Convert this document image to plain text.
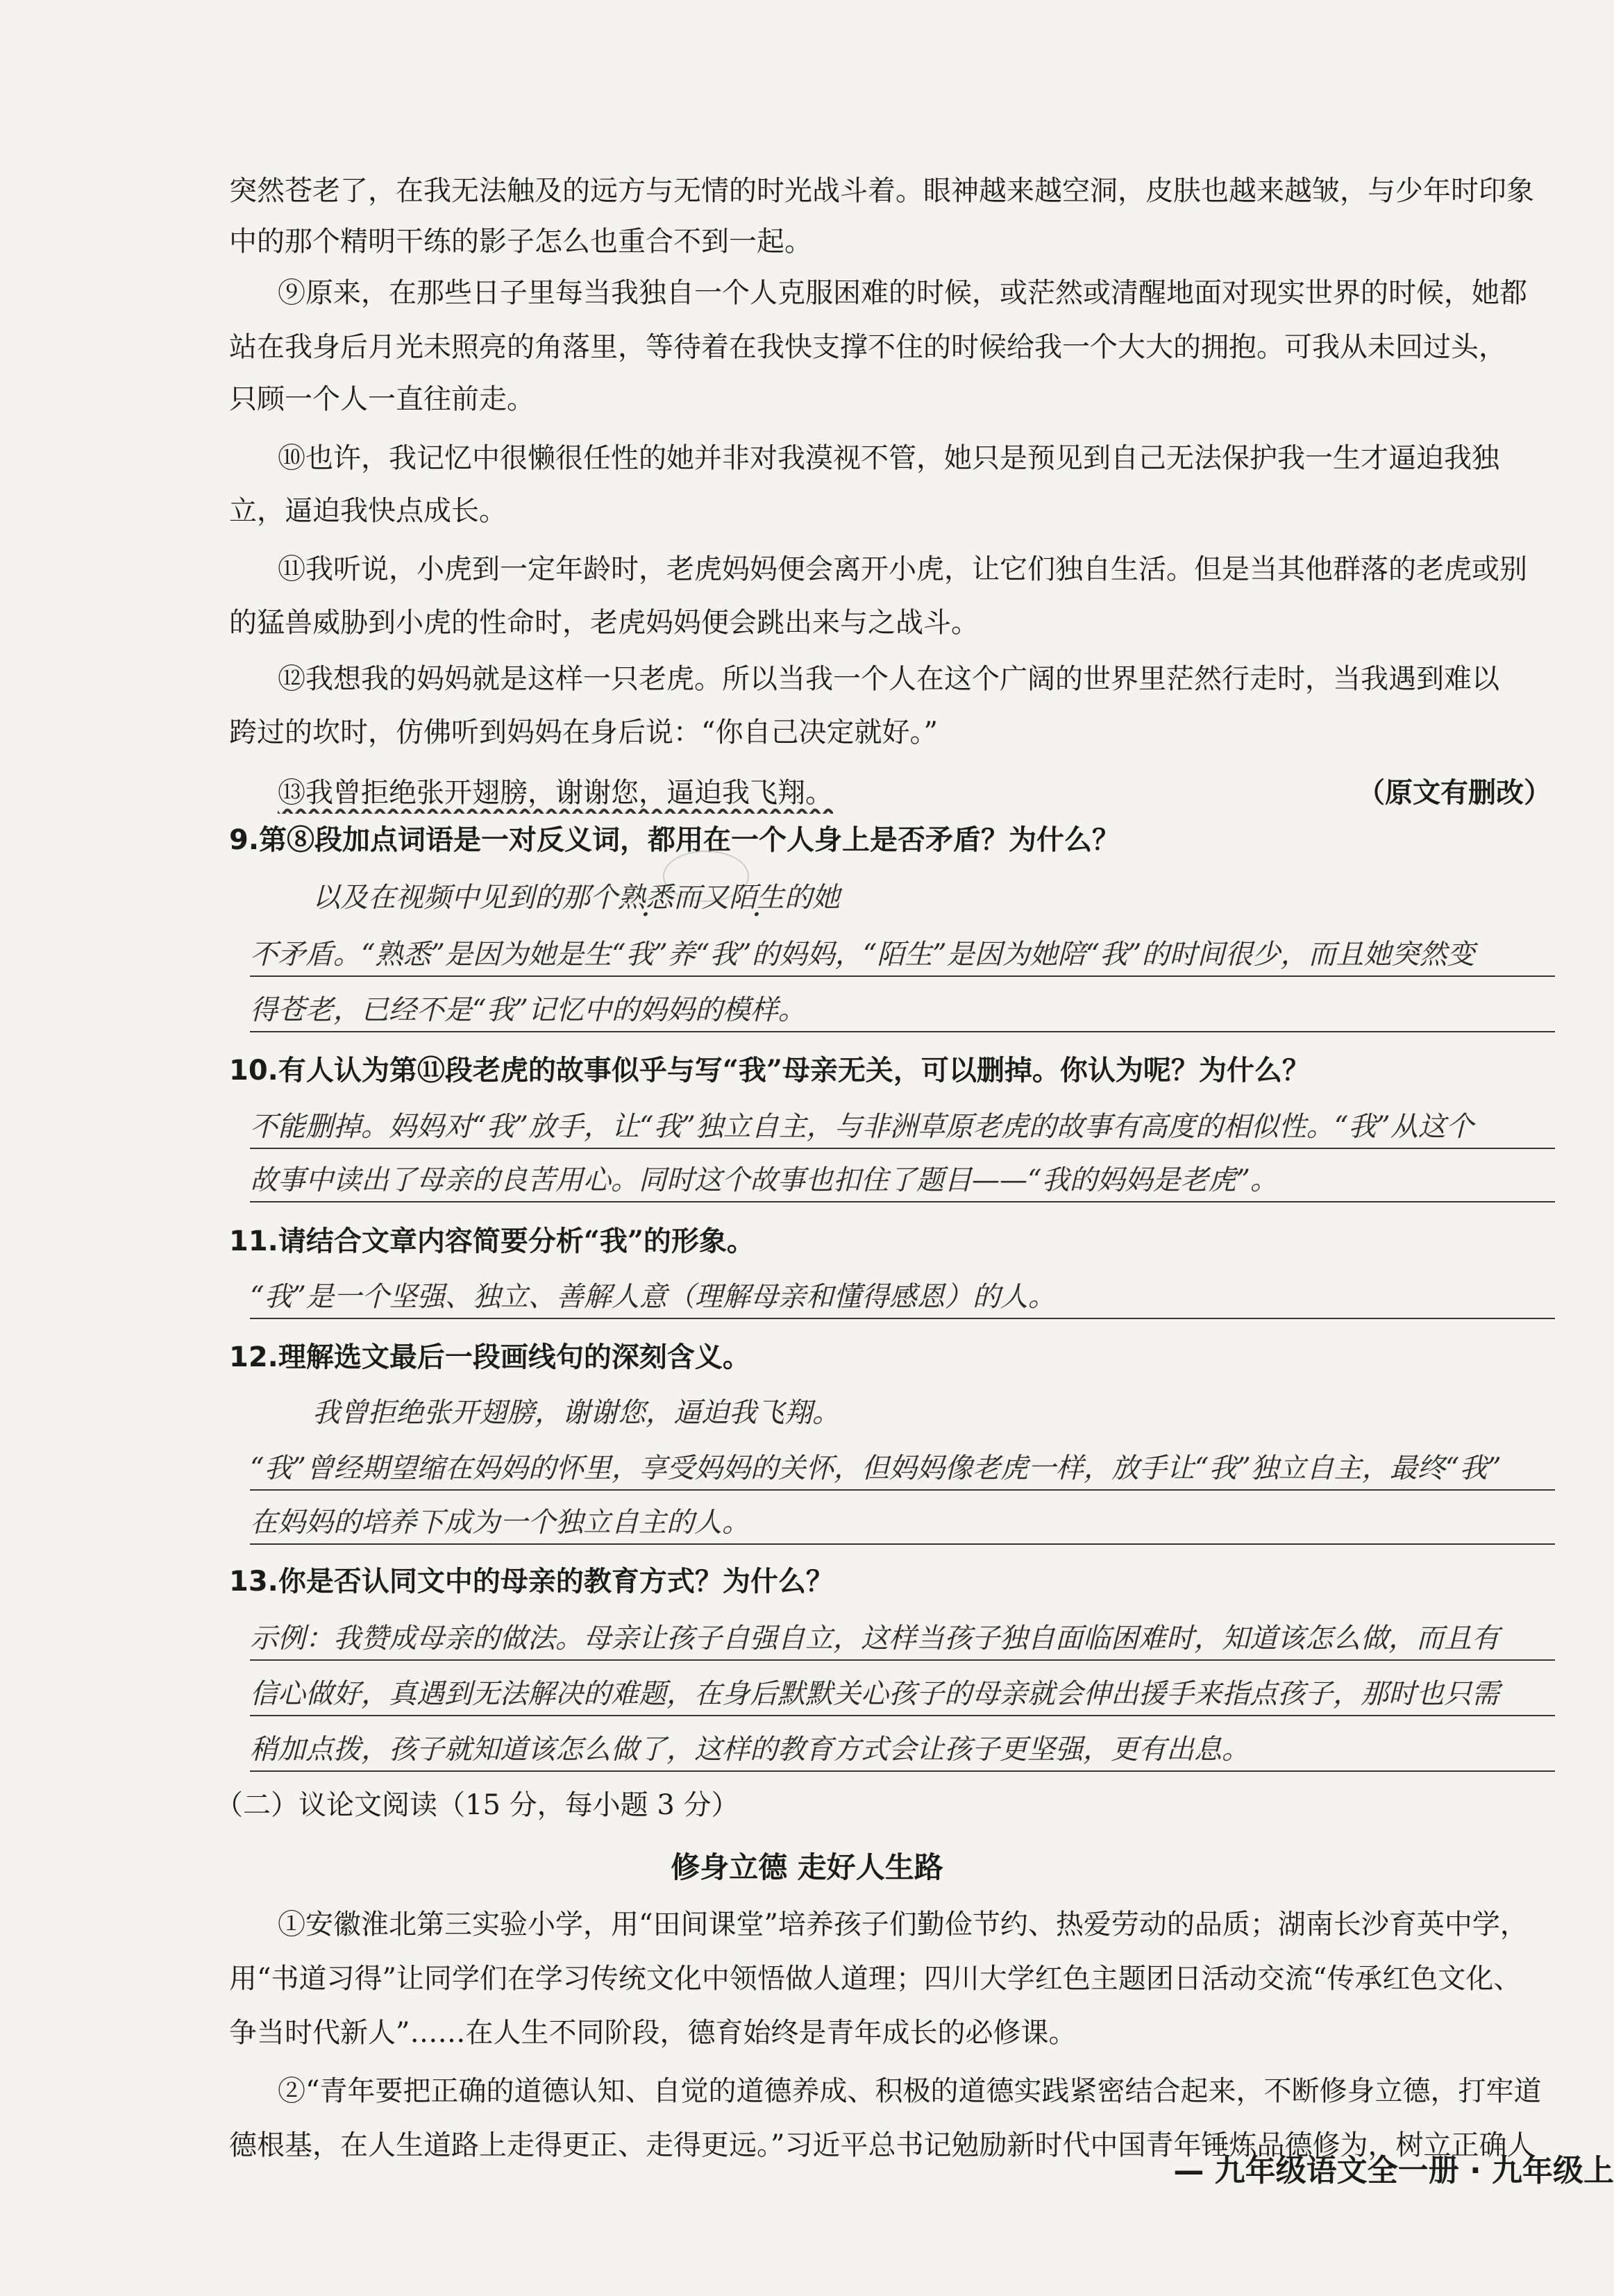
突然苍老了，在我无法触及的远方与无情的时光战斗着。眼神越来越空洞，皮肤也越来越皱，与少年时印象
中的那个精明干练的影子怎么也重合不到一起。
⑨原来，在那些日子里每当我独自一个人克服困难的时候，或茫然或清醒地面对现实世界的时候，她都
站在我身后月光未照亮的角落里，等待着在我快支撑不住的时候给我一个大大的拥抱。可我从未回过头，
只顾一个人一直往前走。
⑩也许，我记忆中很懒很任性的她并非对我漠视不管，她只是预见到自己无法保护我一生才逼迫我独
立，逼迫我快点成长。
⑪我听说，小虎到一定年龄时，老虎妈妈便会离开小虎，让它们独自生活。但是当其他群落的老虎或别
的猛兽威胁到小虎的性命时，老虎妈妈便会跳出来与之战斗。
⑫我想我的妈妈就是这样一只老虎。所以当我一个人在这个广阔的世界里茫然行走时，当我遇到难以
跨过的坎时，仿佛听到妈妈在身后说：“你自己决定就好。”
⑬我曾拒绝张开翅膀，谢谢您，逼迫我飞翔。	（原文有删改）
9.第⑧段加点词语是一对反义词，都用在一个人身上是否矛盾？为什么？
以及在视频中见到的那个熟悉而又陌生的她
不矛盾。“熟悉”是因为她是生“我”养“我”的妈妈，“陌生”是因为她陪“我”的时间很少，而且她突然变
得苍老，已经不是“我”记忆中的妈妈的模样。
10.有人认为第⑪段老虎的故事似乎与写“我”母亲无关，可以删掉。你认为呢？为什么？
不能删掉。妈妈对“我”放手，让“我”独立自主，与非洲草原老虎的故事有高度的相似性。“我”从这个
故事中读出了母亲的良苦用心。同时这个故事也扣住了题目——“我的妈妈是老虎”。
11.请结合文章内容简要分析“我”的形象。
“我”是一个坚强、独立、善解人意（理解母亲和懂得感恩）的人。
12.理解选文最后一段画线句的深刻含义。
我曾拒绝张开翅膀，谢谢您，逼迫我飞翔。
“我”曾经期望缩在妈妈的怀里，享受妈妈的关怀，但妈妈像老虎一样，放手让“我”独立自主，最终“我”
在妈妈的培养下成为一个独立自主的人。
13.你是否认同文中的母亲的教育方式？为什么？
示例：我赞成母亲的做法。母亲让孩子自强自立，这样当孩子独自面临困难时，知道该怎么做，而且有
信心做好，真遇到无法解决的难题，在身后默默关心孩子的母亲就会伸出援手来指点孩子，那时也只需
稍加点拨，孩子就知道该怎么做了，这样的教育方式会让孩子更坚强，更有出息。
（二）议论文阅读（15 分，每小题 3 分）
修身立德 走好人生路
①安徽淮北第三实验小学，用“田间课堂”培养孩子们勤俭节约、热爱劳动的品质；湖南长沙育英中学，
用“书道习得”让同学们在学习传统文化中领悟做人道理；四川大学红色主题团日活动交流“传承红色文化、
争当时代新人”……在人生不同阶段，德育始终是青年成长的必修课。
②“青年要把正确的道德认知、自觉的道德养成、积极的道德实践紧密结合起来，不断修身立德，打牢道
德根基，在人生道路上走得更正、走得更远。”习近平总书记勉励新时代中国青年锤炼品德修为，树立正确人
— 九年级语文全一册 · 九年级上
